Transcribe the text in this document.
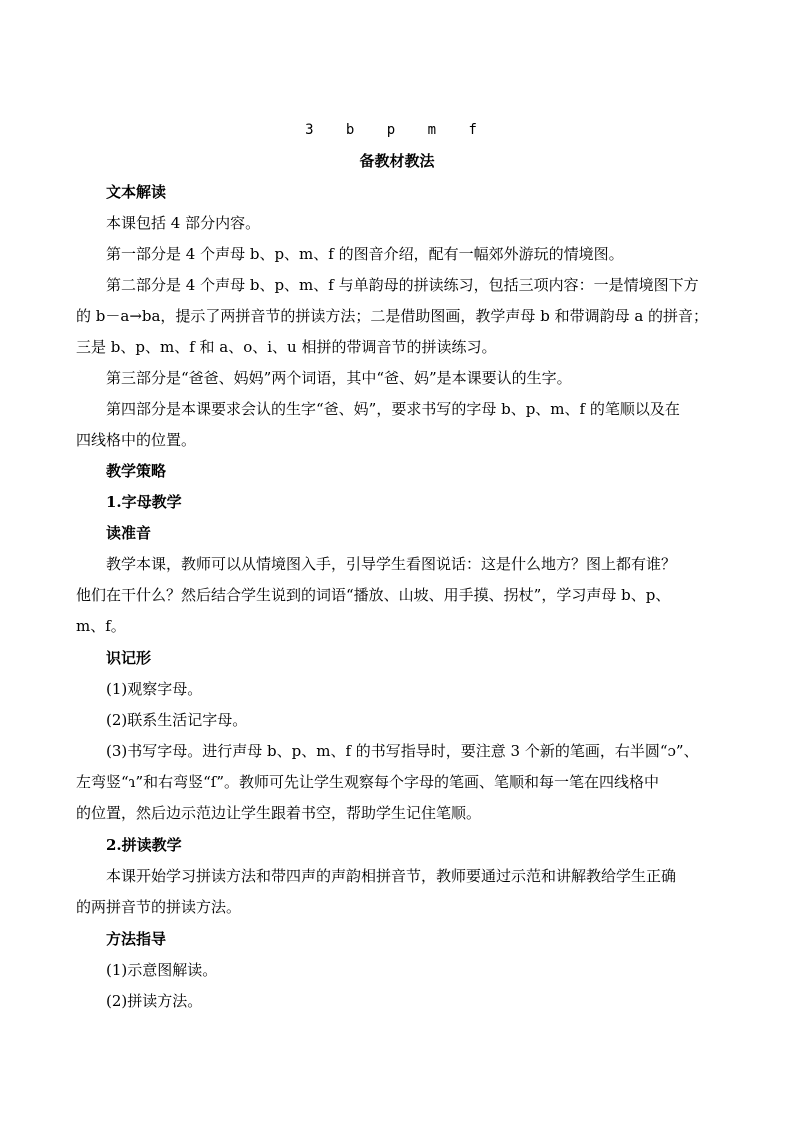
3 b p m f
备教材教法
文本解读
本课包括 4 部分内容。
第一部分是 4 个声母 b、p、m、f 的图音介绍，配有一幅郊外游玩的情境图。
第二部分是 4 个声母 b、p、m、f 与单韵母的拼读练习，包括三项内容：一是情境图下方
的 b－a→ba，提示了两拼音节的拼读方法；二是借助图画，教学声母 b 和带调韵母 a 的拼音；
三是 b、p、m、f 和 a、o、i、u 相拼的带调音节的拼读练习。
第三部分是“爸爸、妈妈”两个词语，其中“爸、妈”是本课要认的生字。
第四部分是本课要求会认的生字“爸、妈”，要求书写的字母 b、p、m、f 的笔顺以及在
四线格中的位置。
教学策略
1.字母教学
读准音
教学本课，教师可以从情境图入手，引导学生看图说话：这是什么地方？图上都有谁？
他们在干什么？然后结合学生说到的词语“播放、山坡、用手摸、拐杖”，学习声母 b、p、
m、f。
识记形
(1)观察字母。
(2)联系生活记字母。
(3)书写字母。进行声母 b、p、m、f 的书写指导时，要注意 3 个新的笔画，右半圆“ɔ”、
左弯竖“ɿ”和右弯竖“ſ”。教师可先让学生观察每个字母的笔画、笔顺和每一笔在四线格中
的位置，然后边示范边让学生跟着书空，帮助学生记住笔顺。
2.拼读教学
本课开始学习拼读方法和带四声的声韵相拼音节，教师要通过示范和讲解教给学生正确
的两拼音节的拼读方法。
方法指导
(1)示意图解读。
(2)拼读方法。
